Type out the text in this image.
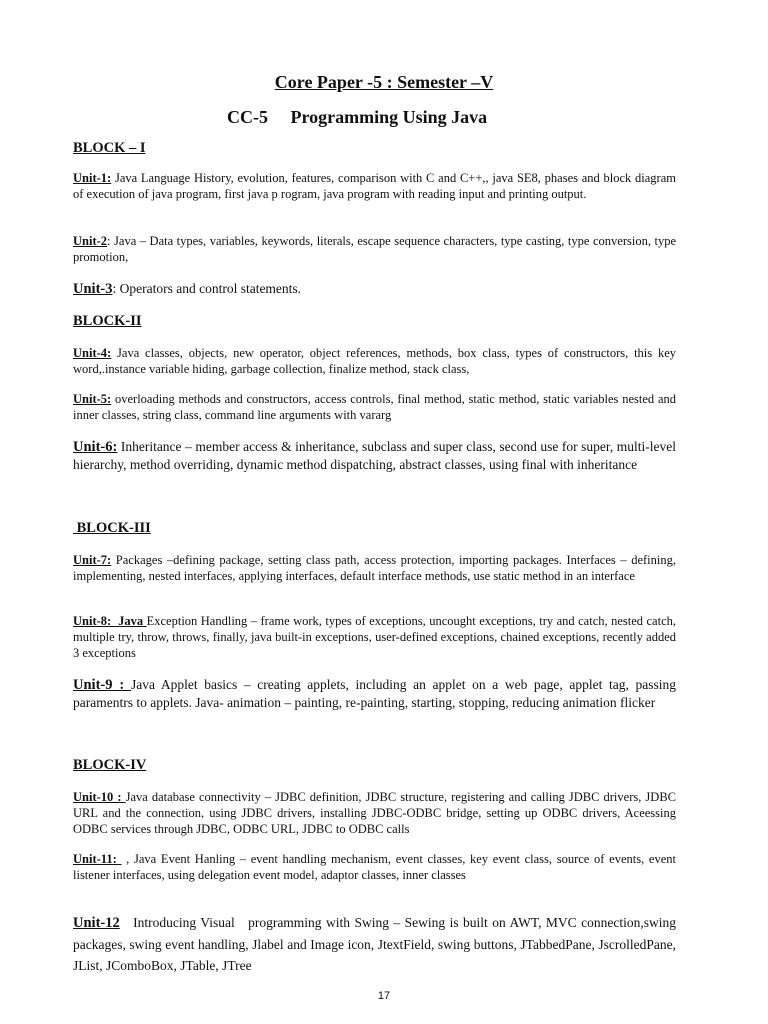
Core Paper -5 : Semester –V
CC-5     Programming Using Java
BLOCK – I
Unit-1: Java Language History, evolution, features, comparison with C and C++,, java SE8, phases and block diagram of execution of java program, first java p rogram, java program with reading input and printing output.
Unit-2: Java – Data types, variables, keywords, literals, escape sequence characters, type casting, type conversion, type promotion,
Unit-3: Operators and control statements.
BLOCK-II
Unit-4: Java classes, objects, new operator, object references, methods, box class, types of constructors, this key word,.instance variable hiding, garbage collection, finalize method, stack class,
Unit-5: overloading methods and constructors, access controls, final method, static method, static variables nested and inner classes, string class, command line arguments with vararg
Unit-6: Inheritance – member access & inheritance, subclass and super class, second use for super, multi-level hierarchy, method overriding, dynamic method dispatching, abstract classes, using final with inheritance
BLOCK-III
Unit-7: Packages –defining package, setting class path, access protection, importing packages. Interfaces – defining, implementing, nested interfaces, applying interfaces, default interface methods, use static method in an interface
Unit-8:  Java Exception Handling – frame work, types of exceptions, uncought exceptions, try and catch, nested catch, multiple try, throw, throws, finally, java built-in exceptions, user-defined exceptions, chained exceptions, recently added 3 exceptions
Unit-9 : Java Applet basics – creating applets, including an applet on a web page, applet tag, passing paramentrs to applets. Java- animation – painting, re-painting, starting, stopping, reducing animation flicker
BLOCK-IV
Unit-10 : Java database connectivity – JDBC definition, JDBC structure, registering and calling JDBC drivers, JDBC URL and the connection, using JDBC drivers, installing JDBC-ODBC bridge, setting up ODBC drivers, Aceessing ODBC services through JDBC, ODBC URL, JDBC to ODBC calls
Unit-11:  , Java Event Hanling – event handling mechanism, event classes, key event class, source of events, event listener interfaces, using delegation event model, adaptor classes, inner classes
Unit-12   Introducing Visual   programming with Swing – Sewing is built on AWT, MVC connection,swing packages, swing event handling, Jlabel and Image icon, JtextField, swing buttons, JTabbedPane, JscrolledPane, JList, JComboBox, JTable, JTree
17
